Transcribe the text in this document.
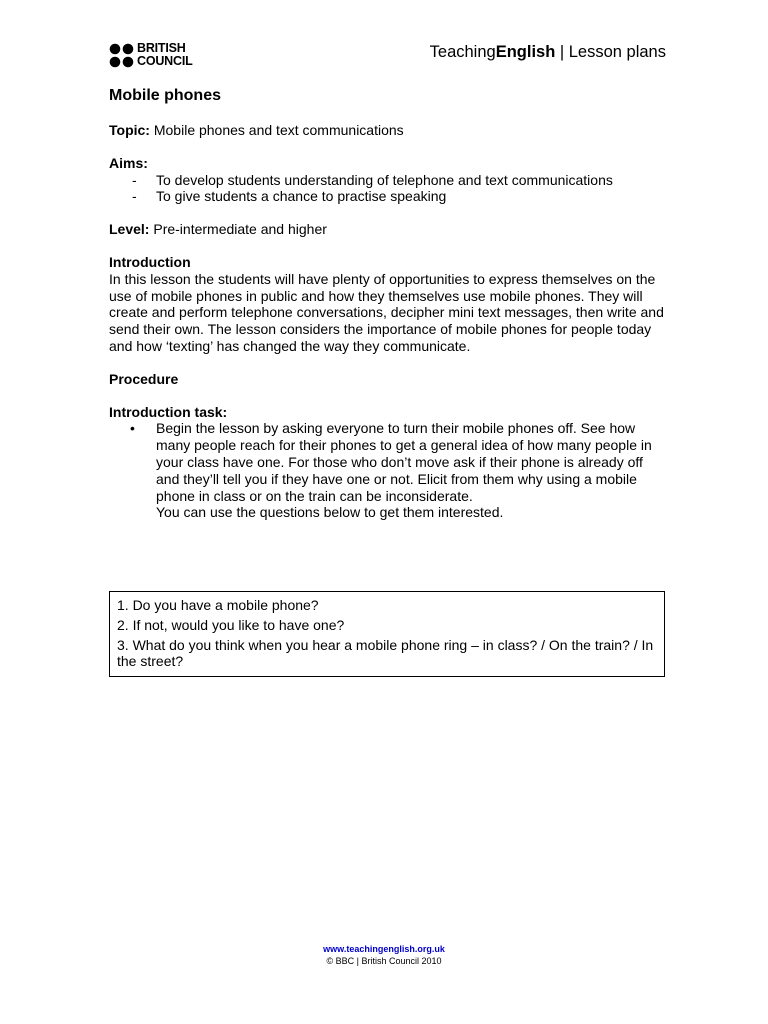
BRITISH
COUNCIL	TeachingEnglish | Lesson plans
Mobile phones

Topic: Mobile phones and text communications

Aims:

- To develop students understanding of telephone and text communications
- To give students a chance to practise speaking

Level: Pre-intermediate and higher

Introduction

In this lesson the students will have plenty of opportunities to express themselves on the use of mobile phones in public and how they themselves use mobile phones. They will create and perform telephone conversations, decipher mini text messages, then write and send their own. The lesson considers the importance of mobile phones for people today and how ‘texting’ has changed the way they communicate.

Procedure

Introduction task:

• Begin the lesson by asking everyone to turn their mobile phones off. See how many people reach for their phones to get a general idea of how many people in your class have one. For those who don’t move ask if their phone is already off and they’ll tell you if they have one or not. Elicit from them why using a mobile phone in class or on the train can be inconsiderate.

You can use the questions below to get them interested.

1. Do you have a mobile phone?

2. If not, would you like to have one?

3. What do you think when you hear a mobile phone ring – in class? / On the train? / In the street?

www.teachingenglish.org.uk
© BBC | British Council 2010
